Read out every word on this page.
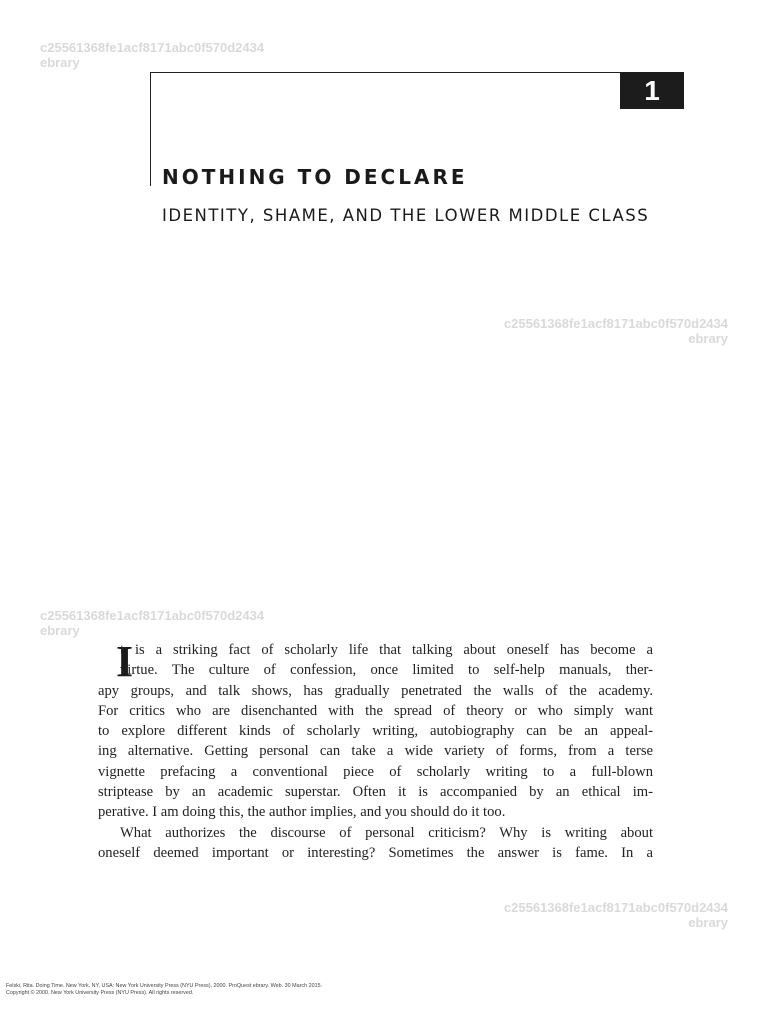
c25561368fe1acf8171abc0f570d2434
ebrary
c25561368fe1acf8171abc0f570d2434
ebrary
c25561368fe1acf8171abc0f570d2434
ebrary
c25561368fe1acf8171abc0f570d2434
ebrary
1
NOTHING TO DECLARE
IDENTITY, SHAME, AND THE LOWER MIDDLE CLASS
I
t is a striking fact of scholarly life that talking about oneself has become a
virtue. The culture of confession, once limited to self-help manuals, ther-
apy groups, and talk shows, has gradually penetrated the walls of the academy.
For critics who are disenchanted with the spread of theory or who simply want
to explore different kinds of scholarly writing, autobiography can be an appeal-
ing alternative. Getting personal can take a wide variety of forms, from a terse
vignette prefacing a conventional piece of scholarly writing to a full-blown
striptease by an academic superstar. Often it is accompanied by an ethical im-
perative. I am doing this, the author implies, and you should do it too.
What authorizes the discourse of personal criticism? Why is writing about
oneself deemed important or interesting? Sometimes the answer is fame. In a
Felski, Rita. Doing Time. New York, NY, USA: New York University Press (NYU Press), 2000. ProQuest ebrary. Web. 30 March 2015.
Copyright © 2000. New York University Press (NYU Press). All rights reserved.
